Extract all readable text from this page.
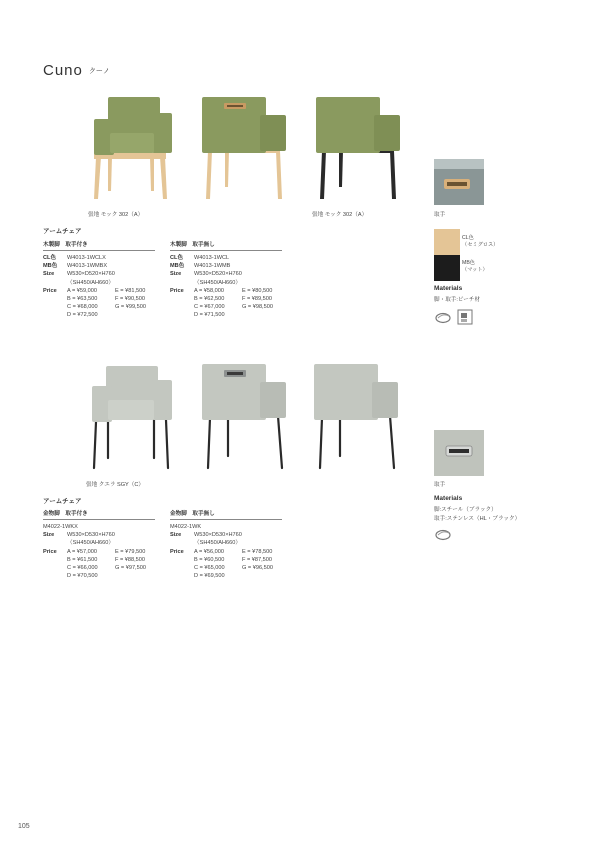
Cuno クーノ
張地 モック 302（A）	張地 モック 302（A）	取手
アームチェア
木製脚　取手付き
CL色	W4013-1WCLX
MB色	W4013-1WMBX
Size	W530×D520×H760
（SH450/AH660）
Price	A = ¥59,000	E = ¥81,500
B = ¥63,500	F = ¥90,500
C = ¥68,000	G = ¥99,500
D = ¥72,500
木製脚　取手無し
CL色	W4013-1WCL
MB色	W4013-1WMB
Size	W530×D520×H760
（SH450/AH660）
Price	A = ¥58,000	E = ¥80,500
B = ¥62,500	F = ¥89,500
C = ¥67,000	G = ¥98,500
D = ¥71,500
CL色
（セミグロス）
MB色
（マット）
Materials
脚・取手:ビーチ材
張地 クエラ SGY（C）	取手
アームチェア
金物脚　取手付き
M4022-1WKX
Size	W530×D530×H760
（SH450/AH660）
Price	A = ¥57,000	E = ¥79,500
B = ¥61,500	F = ¥88,500
C = ¥66,000	G = ¥97,500
D = ¥70,500
金物脚　取手無し
M4022-1WK
Size	W530×D530×H760
（SH450/AH660）
Price	A = ¥56,000	E = ¥78,500
B = ¥60,500	F = ¥87,500
C = ¥65,000	G = ¥96,500
D = ¥69,500
Materials
脚:スチール（ブラック）
取手:ステンレス（HL・ブラック）
105
